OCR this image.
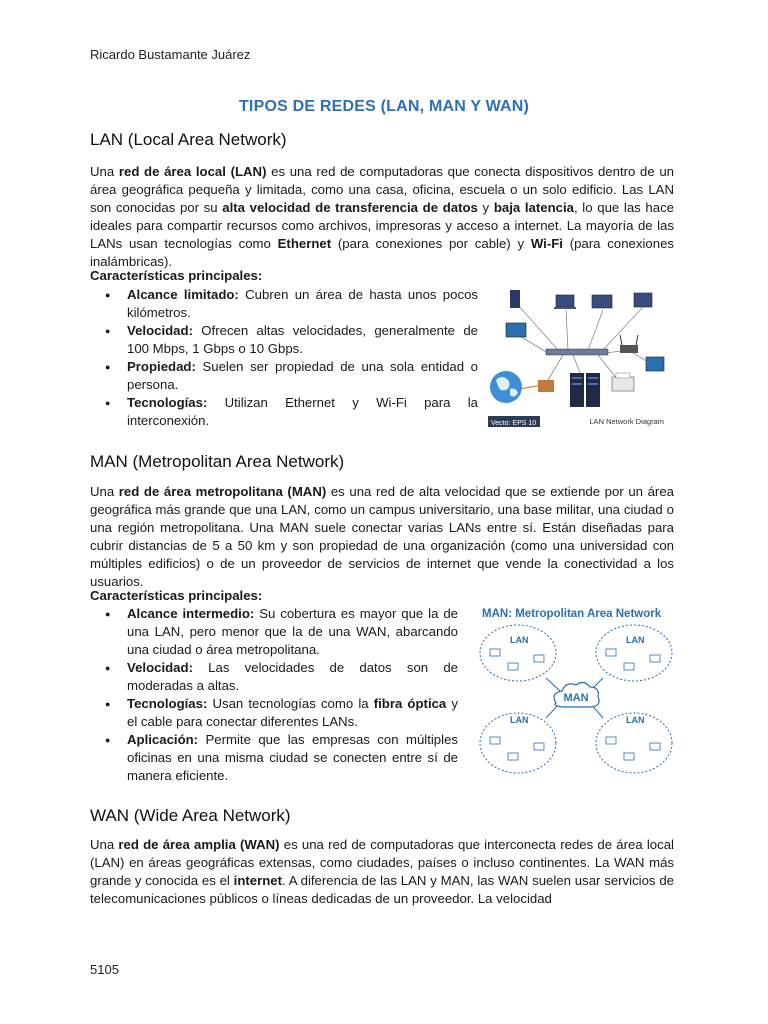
Ricardo Bustamante Juárez
TIPOS DE REDES (LAN, MAN Y WAN)
LAN (Local Area Network)
Una red de área local (LAN) es una red de computadoras que conecta dispositivos dentro de un área geográfica pequeña y limitada, como una casa, oficina, escuela o un solo edificio. Las LAN son conocidas por su alta velocidad de transferencia de datos y baja latencia, lo que las hace ideales para compartir recursos como archivos, impresoras y acceso a internet. La mayoría de las LANs usan tecnologías como Ethernet (para conexiones por cable) y Wi-Fi (para conexiones inalámbricas).
Características principales:
● Alcance limitado: Cubren un área de hasta unos pocos kilómetros.
● Velocidad: Ofrecen altas velocidades, generalmente de 100 Mbps, 1 Gbps o 10 Gbps.
● Propiedad: Suelen ser propiedad de una sola entidad o persona.
● Tecnologías: Utilizan Ethernet y Wi-Fi para la interconexión.	Vecto: EPS 10	LAN Network Diagram
MAN (Metropolitan Area Network)
Una red de área metropolitana (MAN) es una red de alta velocidad que se extiende por un área geográfica más grande que una LAN, como un campus universitario, una base militar, una ciudad o una región metropolitana. Una MAN suele conectar varias LANs entre sí. Están diseñadas para cubrir distancias de 5 a 50 km y son propiedad de una organización (como una universidad con múltiples edificios) o de un proveedor de servicios de internet que vende la conectividad a los usuarios.
Características principales:
● Alcance intermedio: Su cobertura es mayor que la de una LAN, pero menor que la de una WAN, abarcando una ciudad o área metropolitana.
● Velocidad: Las velocidades de datos son de moderadas a altas.
● Tecnologías: Usan tecnologías como la fibra óptica y el cable para conectar diferentes LANs.
● Aplicación: Permite que las empresas con múltiples oficinas en una misma ciudad se conecten entre sí de manera eficiente.
MAN: Metropolitan Area Network
LAN	LAN
LAN	LAN
MAN
WAN (Wide Area Network)
Una red de área amplia (WAN) es una red de computadoras que interconecta redes de área local (LAN) en áreas geográficas extensas, como ciudades, países o incluso continentes. La WAN más grande y conocida es el internet. A diferencia de las LAN y MAN, las WAN suelen usar servicios de telecomunicaciones públicos o líneas dedicadas de un proveedor. La velocidad
5105
